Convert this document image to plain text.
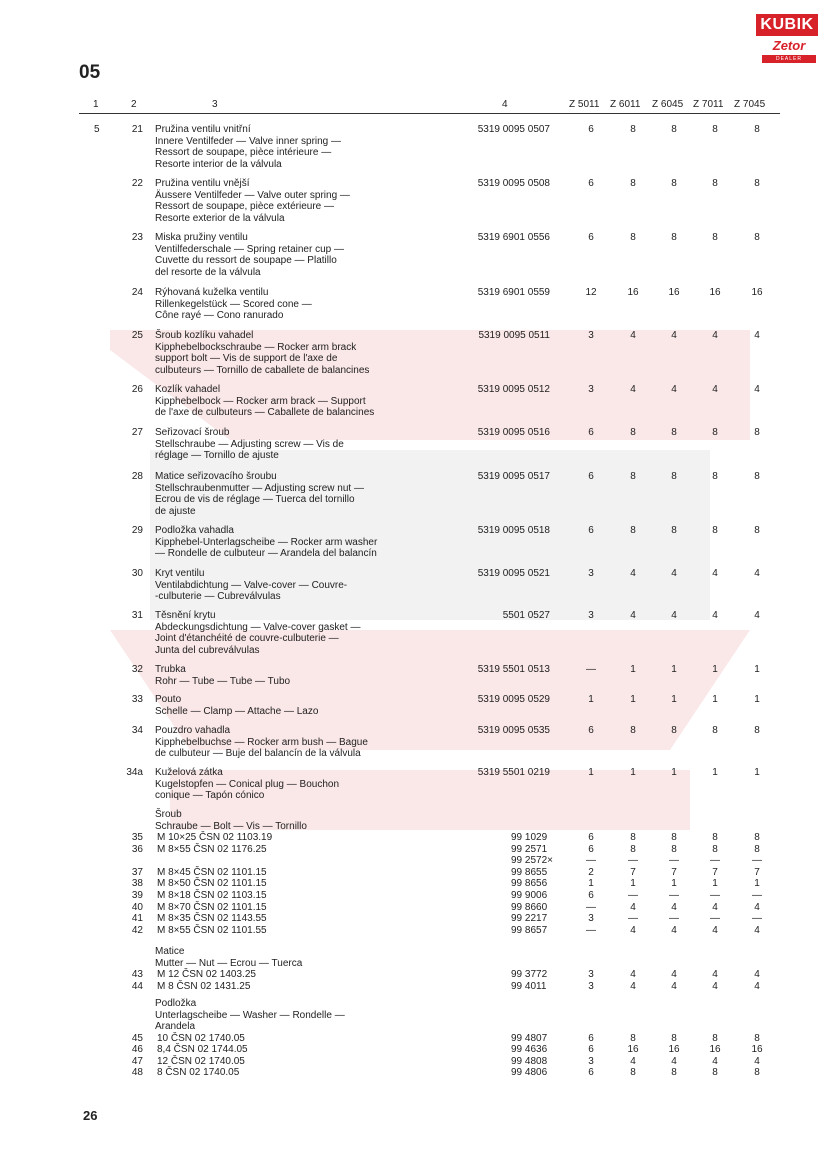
KUBIK
Zetor
DEALER
05
1	2	3	4	Z 5011 Z 6011 Z 6045 Z 7011 Z 7045
5	21 Pružina ventilu vnitřní
Innere Ventilfeder — Valve inner spring —
Ressort de soupape, pièce intérieure —
Resorte interior de la válvula
5319 0095 0507	6	8	8	8	8
22 Pružina ventilu vnější
Äussere Ventilfeder — Valve outer spring —
Ressort de soupape, pièce extérieure —
Resorte exterior de la válvula
5319 0095 0508	6	8	8	8	8
23 Miska pružiny ventilu
Ventilfederschale — Spring retainer cup —
Cuvette du ressort de soupape — Platillo
del resorte de la válvula
5319 6901 0556	6	8	8	8	8
24 Rýhovaná kuželka ventilu
Rillenkegelstück — Scored cone —
Cône rayé — Cono ranurado
5319 6901 0559	12	16	16	16	16
25 Šroub kozlíku vahadel
Kipphebelbockschraube — Rocker arm brack
support bolt — Vis de support de l'axe de
culbuteurs — Tornillo de caballete de balancines
5319 0095 0511	3	4	4	4	4
26 Kozlík vahadel
Kipphebelbock — Rocker arm brack — Support
de l'axe de culbuteurs — Caballete de balancines
5319 0095 0512	3	4	4	4	4
27 Seřizovací šroub
Stellschraube — Adjusting screw — Vis de
réglage — Tornillo de ajuste
5319 0095 0516	6	8	8	8	8
28 Matice seřizovacího šroubu
Stellschraubenmutter — Adjusting screw nut —
Ecrou de vis de réglage — Tuerca del tornillo
de ajuste
5319 0095 0517	6	8	8	8	8
29 Podložka vahadla
Kipphebel-Unterlagscheibe — Rocker arm washer
— Rondelle de culbuteur — Arandela del balancín
5319 0095 0518	6	8	8	8	8
30 Kryt ventilu
Ventilabdichtung — Valve-cover — Couvre-
-culbuterie — Cubreválvulas
5319 0095 0521	3	4	4	4	4
31 Těsnění krytu
Abdeckungsdichtung — Valve-cover gasket —
Joint d'étanchéité de couvre-culbuterie —
Junta del cubreválvulas
5501 0527	3	4	4	4	4
32 Trubka
Rohr — Tube — Tube — Tubo
5319 5501 0513	—	1	1	1	1
33 Pouto
Schelle — Clamp — Attache — Lazo
5319 0095 0529	1	1	1	1	1
34 Pouzdro vahadla
Kipphebelbuchse — Rocker arm bush — Bague
de culbuteur — Buje del balancín de la válvula
5319 0095 0535	6	8	8	8	8
34a Kuželová zátka
Kugelstopfen — Conical plug — Bouchon
conique — Tapón cónico
5319 5501 0219	1	1	1	1	1
Šroub
Schraube — Bolt — Vis — Tornillo
35 M 10×25 ČSN 02 1103.19	99 1029	6	8	8	8	8
36 M 8×55 ČSN 02 1176.25	99 2571	6	8	8	8	8
99 2572×	—	—	—	—	—
37 M 8×45 ČSN 02 1101.15	99 8655	2	7	7	7	7
38 M 8×50 ČSN 02 1101.15	99 8656	1	1	1	1	1
39 M 8×18 ČSN 02 1103.15	99 9006	6	—	—	—	—
40 M 8×70 ČSN 02 1101.15	99 8660	—	4	4	4	4
41 M 8×35 ČSN 02 1143.55	99 2217	3	—	—	—	—
42 M 8×55 ČSN 02 1101.55	99 8657	—	4	4	4	4
Matice
Mutter — Nut — Ecrou — Tuerca
43 M 12 ČSN 02 1403.25	99 3772	3	4	4	4	4
44 M 8 ČSN 02 1431.25	99 4011	3	4	4	4	4
Podložka
Unterlagscheibe — Washer — Rondelle —
Arandela
45 10 ČSN 02 1740.05	99 4807	6	8	8	8	8
46 8,4 ČSN 02 1744.05	99 4636	6	16	16	16	16
47 12 ČSN 02 1740.05	99 4808	3	4	4	4	4
48 8 ČSN 02 1740.05	99 4806	6	8	8	8	8
26
